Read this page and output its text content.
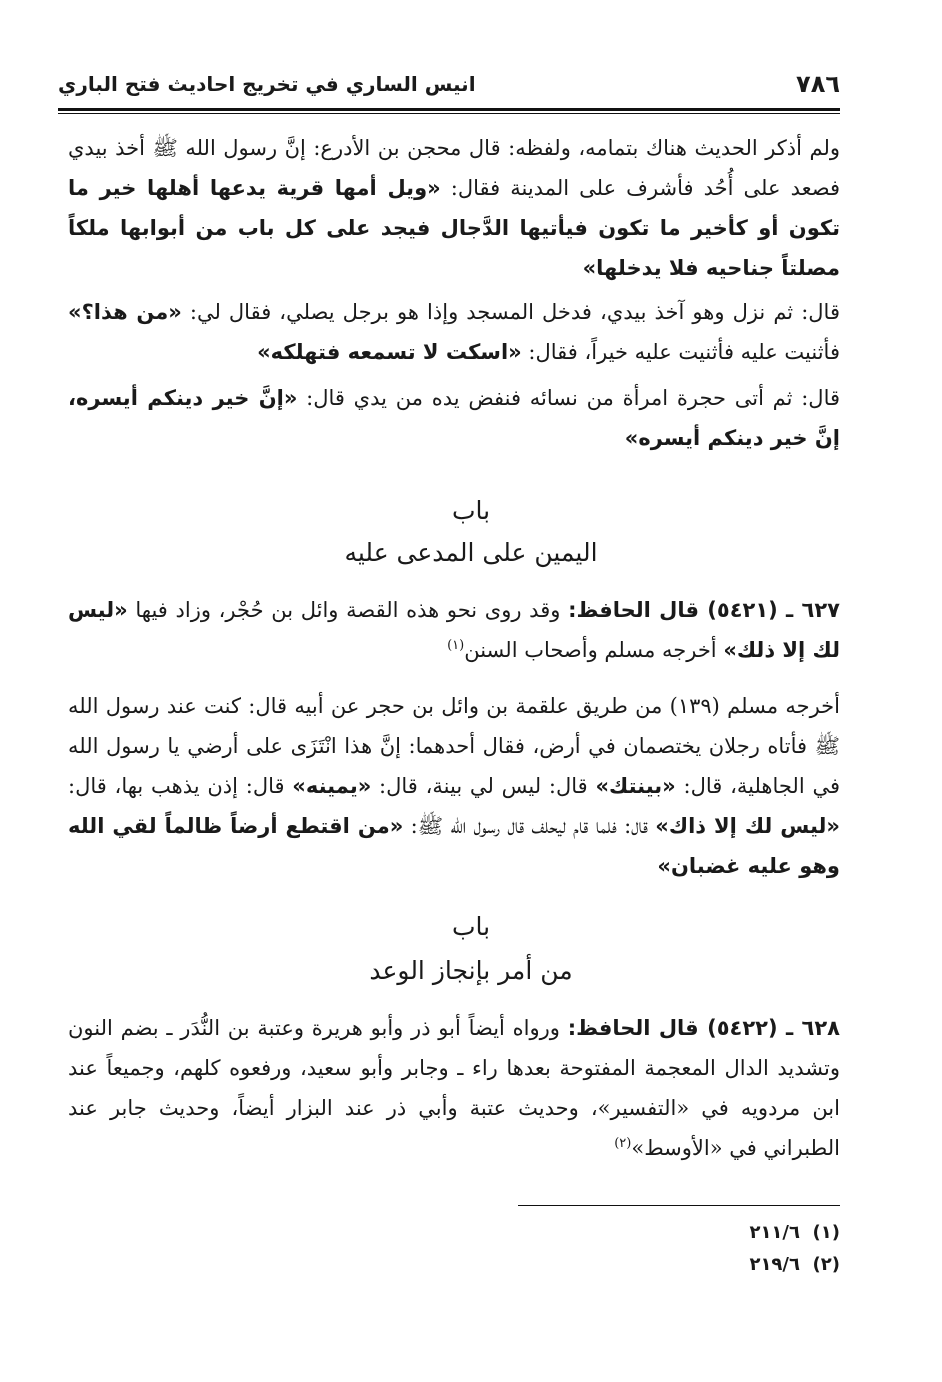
٧٨٦
انيس الساري في تخريج احاديث فتح الباري
ولم أذكر الحديث هناك بتمامه، ولفظه: قال محجن بن الأدرع: إنَّ رسول الله ﷺ أخذ بيدي فصعد على أُحُد فأشرف على المدينة فقال: «ويل أمها قرية يدعها أهلها خير ما تكون أو كأخير ما تكون فيأتيها الدَّجال فيجد على كل باب من أبوابها ملكاً مصلتاً جناحيه فلا يدخلها»
قال: ثم نزل وهو آخذ بيدي، فدخل المسجد وإذا هو برجل يصلي، فقال لي: «من هذا؟» فأثنيت عليه فأثنيت عليه خيراً، فقال: «اسكت لا تسمعه فتهلكه»
قال: ثم أتى حجرة امرأة من نسائه فنفض يده من يدي قال: «إنَّ خير دينكم أيسره، إنَّ خير دينكم أيسره»
باب
اليمين على المدعى عليه
٦٢٧ ـ (٥٤٢١) قال الحافظ: وقد روى نحو هذه القصة وائل بن حُجْر، وزاد فيها «ليس لك إلا ذلك» أخرجه مسلم وأصحاب السنن$^{(١)}$
أخرجه مسلم (١٣٩) من طريق علقمة بن وائل بن حجر عن أبيه قال: كنت عند رسول الله ﷺ فأتاه رجلان يختصمان في أرض، فقال أحدهما: إنَّ هذا انْتَزَى على أرضي يا رسول الله في الجاهلية، قال: «بينتك» قال: ليس لي بينة، قال: «يمينه» قال: إذن يذهب بها، قال: «ليس لك إلا ذاك» قال: فلما قام ليحلف قال رسول الله ﷺ: «من اقتطع أرضاً ظالماً لقي الله وهو عليه غضبان»
باب
من أمر بإنجاز الوعد
٦٢٨ ـ (٥٤٢٢) قال الحافظ: ورواه أيضاً أبو ذر وأبو هريرة وعتبة بن النُّدَر ـ بضم النون وتشديد الدال المعجمة المفتوحة بعدها راء ـ وجابر وأبو سعيد، ورفعوه كلهم، وجميعاً عند ابن مردويه في «التفسير»، وحديث عتبة وأبي ذر عند البزار أيضاً، وحديث جابر عند الطبراني في «الأوسط»$^{(٢)}$
(١)  ٢١١/٦
(٢)  ٢١٩/٦
